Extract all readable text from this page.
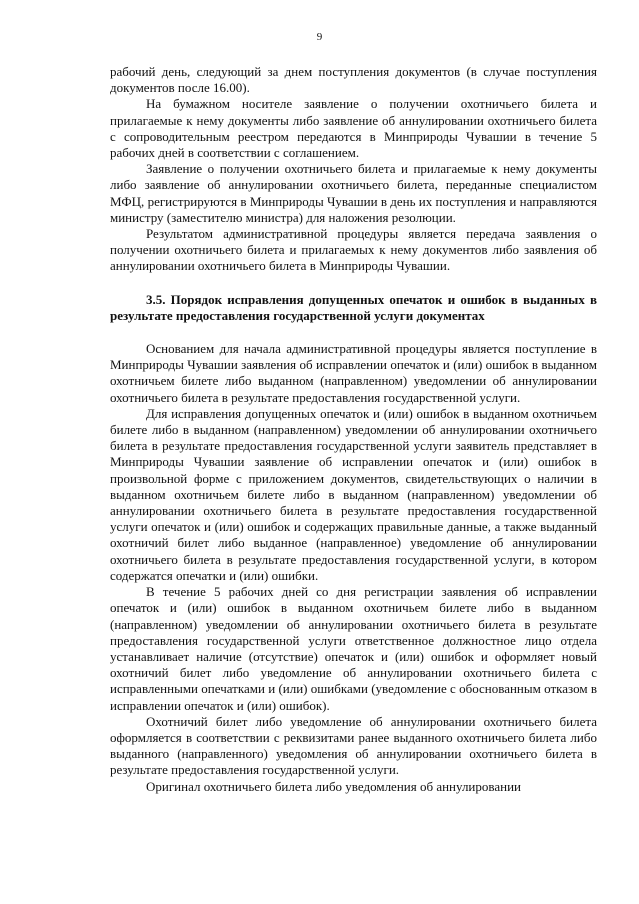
9

рабочий день, следующий за днем поступления документов (в случае поступления документов после 16.00).

На бумажном носителе заявление о получении охотничьего билета и прилагаемые к нему документы либо заявление об аннулировании охотничьего билета с сопроводительным реестром передаются в Минприроды Чувашии в течение 5 рабочих дней в соответствии с соглашением.

Заявление о получении охотничьего билета и прилагаемые к нему документы либо заявление об аннулировании охотничьего билета, переданные специалистом МФЦ, регистрируются в Минприроды Чувашии в день их поступления и направляются министру (заместителю министра) для наложения резолюции.

Результатом административной процедуры является передача заявления о получении охотничьего билета и прилагаемых к нему документов либо заявления об аннулировании охотничьего билета в Минприроды Чувашии.

3.5. Порядок исправления допущенных опечаток и ошибок в выданных в результате предоставления государственной услуги документах

Основанием для начала административной процедуры является поступление в Минприроды Чувашии заявления об исправлении опечаток и (или) ошибок в выданном охотничьем билете либо выданном (направленном) уведомлении об аннулировании охотничьего билета в результате предоставления государственной услуги.

Для исправления допущенных опечаток и (или) ошибок в выданном охотничьем билете либо в выданном (направленном) уведомлении об аннулировании охотничьего билета в результате предоставления государственной услуги заявитель представляет в Минприроды Чувашии заявление об исправлении опечаток и (или) ошибок в произвольной форме с приложением документов, свидетельствующих о наличии в выданном охотничьем билете либо в выданном (направленном) уведомлении об аннулировании охотничьего билета в результате предоставления государственной услуги опечаток и (или) ошибок и содержащих правильные данные, а также выданный охотничий билет либо выданное (направленное) уведомление об аннулировании охотничьего билета в результате предоставления государственной услуги, в котором содержатся опечатки и (или) ошибки.

В течение 5 рабочих дней со дня регистрации заявления об исправлении опечаток и (или) ошибок в выданном охотничьем билете либо в выданном (направленном) уведомлении об аннулировании охотничьего билета в результате предоставления государственной услуги ответственное должностное лицо отдела устанавливает наличие (отсутствие) опечаток и (или) ошибок и оформляет новый охотничий билет либо уведомление об аннулировании охотничьего билета с исправленными опечатками и (или) ошибками (уведомление с обоснованным отказом в исправлении опечаток и (или) ошибок).

Охотничий билет либо уведомление об аннулировании охотничьего билета оформляется в соответствии с реквизитами ранее выданного охотничьего билета либо выданного (направленного) уведомления об аннулировании охотничьего билета в результате предоставления государственной услуги.

Оригинал охотничьего билета либо уведомления об аннулировании
